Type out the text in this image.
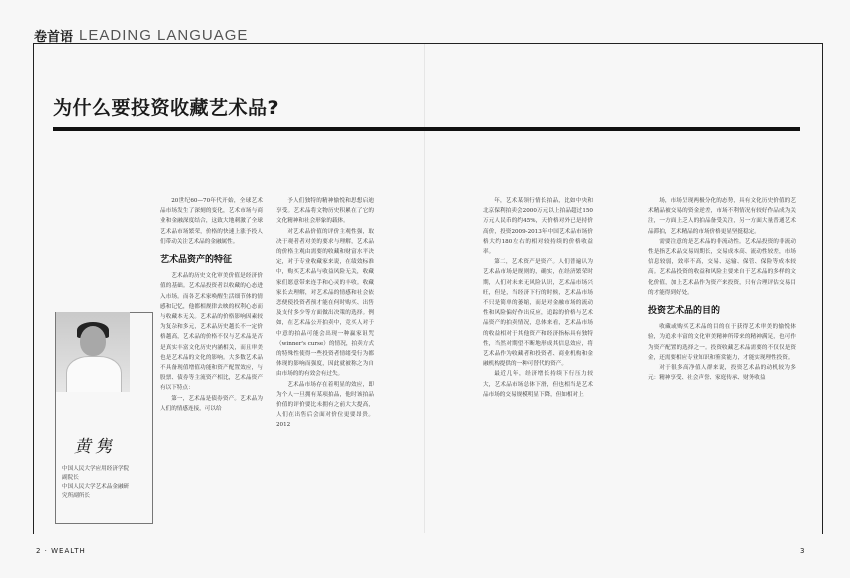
卷首语 LEADING LANGUAGE
为什么要投资收藏艺术品?
黄隽
中国人民大学应用经济学院
副院长
中国人民大学艺术品金融研
究所副所长

20世纪60—70年代开始，全球艺术品市场发生了深刻的变化，艺术市场与商业和金融深度结合，这致大地刺激了全球艺术品市场繁荣，价格的快速上涨予投人们带动关注艺术品的金融属性。

艺术品资产的特征

艺术品的历史文化审美价值是经济价值的基础。艺术品投资者以收藏的心态进入市场。而各艺术家唤醒生活细节体的情感和记忆，他都相规律去映的权利心态而与收藏本无关。艺术品的价格影响因素较为复杂和多元，艺术品历史越长不一定价格越高，艺术品的价格不仅与艺术品是否是真实丰富文化历史内涵相关，而且审美也是艺术品的文化的影响。大多数艺术品不具备现值增值功能和资产配置效应，与股票、债券等主流资产相比，艺术品资产有以下特点：

第一，艺术品是债券资产。艺术品为人们的情感连接，可以给

予人们独特的精神愉悦和思想启迪享受。艺术品将文物历史积累在了它的文化精神和社会形象的载体。

对艺术品价值的评价主观性强，取决于观者者对美的要求与理解，艺术品的价格主观由需要的收藏和财富水平决定，对于专业收藏家来说，在绩效标准中，购买艺术品与收益风险无关，收藏家们愿意带来连手和心灵的丰收。收藏家长去理解，对艺术品的情感和社会依恋便使投资者预才能在何时购买、出售及支付多少等方面做出决策的选择。例如，在艺术品公开拍卖中，竞买人对于中意的拍品可能会出现一种赢家诅咒（winner's curse）的情况，拍卖方式的特殊性使得一些投资者情绪受行为都体现的影响而强度，因此就被称之为自由市场的的有效会有过失。

艺术品市场存在着明显的效应，即为个人一旦拥有某项拍品，他时该拍品价值的评价要比未拥有之前大大提高，人们在出售后会面对价位更要昂贵。2012

年，艺术某领行情长拍品，比如中央和北京保利拍卖会2000万元以上拍品超过150万元人民币的约45%，天价格对外已是持价高价，投资2009-2013年中国艺术品市场价格大约180左右的相对较持续的价格收益率。

第二，艺术资产是资产。人们普遍认为艺术品市场是规则的，确实，在经济繁荣时期，人们对未来无风险认识，艺术品市场兴旺，但是，当经济下行的时候，艺术品市场不只是简单的萎缩，而是对金融市场的流动性和风险偏好作出反应，追踪的价格与艺术品资产的拍卖情况，总体来看，艺术品市场的收益相对于其他资产和经济指标具有独特性，当然对期望不断地形成其信息效应，将艺术品作为收藏者和投资者、商业机构和金融机构提供的一种可替代的资产。

最近几年，经济增长持续下行压力较大，艺术品市场总体下滑，但也相当是艺术品市场的交易规模明显下降，但如相对上

场，市场呈现两极分化的态势，具有文化历史价值的艺术精品被交易的资金逆差，市场不利情况有较好作品成为关注，一方面上乏人的拍品备受关注，另一方面大量普通艺术品滞拍，艺术精品的市场价格更显坚挺稳定。

需要注意的是艺术品的非流动性。艺术品投资的非流动性是指艺术品交易周期长，交易成本高、流动性较差，市场信息较弱，效率不高，交易、运输、保管、保险等成本较高。艺术品投资的收益和风险主要来自于艺术品的多样的文化价值，加上艺术品作为资产来投资，只有合理评估交易目的才能得到好处。

投资艺术品的目的

收藏或购买艺术品的目的在于获得艺术审美的愉悦体验，为追求丰富的文化审美精神所带来的精神满足，也可作为资产配置的选择之一。投资收藏艺术品需要的不仅仅是资金，还需要相应专业知识和鉴赏能力，才能实现理性投资。

对于很多高净值人群来说，投资艺术品的动机较为多元：精神享受、社会声誉、家庭传承、财务收益

2 · WEALTH	3
